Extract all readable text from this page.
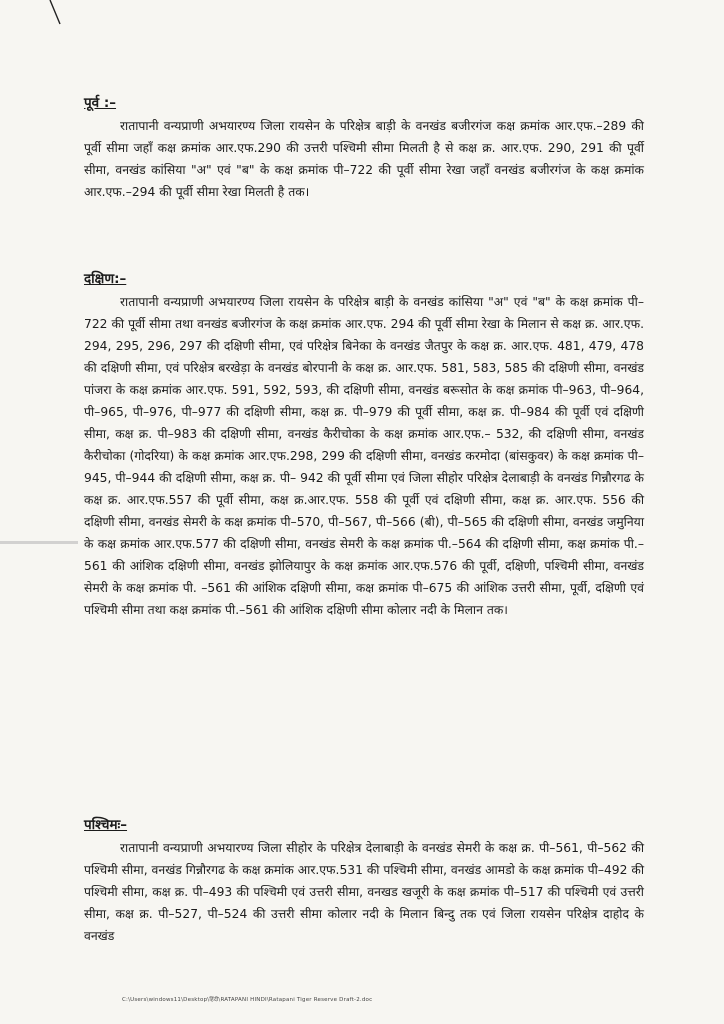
पूर्व :–

रातापानी वन्यप्राणी अभयारण्य जिला रायसेन के परिक्षेत्र बाड़ी के वनखंड बजीरगंज कक्ष क्रमांक आर.एफ.–289 की पूर्वी सीमा जहाँ कक्ष क्रमांक आर.एफ.290 की उत्तरी पश्चिमी सीमा मिलती है से कक्ष क्र. आर.एफ. 290, 291 की पूर्वी सीमा, वनखंड कांसिया "अ" एवं "ब" के कक्ष क्रमांक पी–722 की पूर्वी सीमा रेखा जहाँ वनखंड बजीरगंज के कक्ष क्रमांक आर.एफ.–294 की पूर्वी सीमा रेखा मिलती है तक।

दक्षिण:–

रातापानी वन्यप्राणी अभयारण्य जिला रायसेन के परिक्षेत्र बाड़ी के वनखंड कांसिया "अ" एवं "ब" के कक्ष क्रमांक पी–722 की पूर्वी सीमा तथा वनखंड बजीरगंज के कक्ष क्रमांक आर.एफ. 294 की पूर्वी सीमा रेखा के मिलान से कक्ष क्र. आर.एफ. 294, 295, 296, 297 की दक्षिणी सीमा, एवं परिक्षेत्र बिनेका के वनखंड जैतपुर के कक्ष क्र. आर.एफ. 481, 479, 478 की दक्षिणी सीमा, एवं परिक्षेत्र बरखेड़ा के वनखंड बोरपानी के कक्ष क्र. आर.एफ. 581, 583, 585 की दक्षिणी सीमा, वनखंड पांजरा के कक्ष क्रमांक आर.एफ. 591, 592, 593, की दक्षिणी सीमा, वनखंड बरूसोत के कक्ष क्रमांक पी–963, पी–964, पी–965, पी–976, पी–977 की दक्षिणी सीमा, कक्ष क्र. पी–979 की पूर्वी सीमा, कक्ष क्र. पी–984 की पूर्वी एवं दक्षिणी सीमा, कक्ष क्र. पी–983 की दक्षिणी सीमा, वनखंड कैरीचोका के कक्ष क्रमांक आर.एफ.– 532, की दक्षिणी सीमा, वनखंड कैरीचोका (गोदरिया) के कक्ष क्रमांक आर.एफ.298, 299 की दक्षिणी सीमा, वनखंड करमोदा (बांसकुवर) के कक्ष क्रमांक पी–945, पी–944 की दक्षिणी सीमा, कक्ष क्र. पी– 942 की पूर्वी सीमा एवं जिला सीहोर परिक्षेत्र देलाबाड़ी के वनखंड गिन्नौरगढ के कक्ष क्र. आर.एफ.557 की पूर्वी सीमा, कक्ष क्र.आर.एफ. 558 की पूर्वी एवं दक्षिणी सीमा, कक्ष क्र. आर.एफ. 556 की दक्षिणी सीमा, वनखंड सेमरी के कक्ष क्रमांक पी–570, पी–567, पी–566 (बी), पी–565 की दक्षिणी सीमा, वनखंड जमुनिया के कक्ष क्रमांक आर.एफ.577 की दक्षिणी सीमा, वनखंड सेमरी के कक्ष क्रमांक पी.–564 की दक्षिणी सीमा, कक्ष क्रमांक पी.–561 की आंशिक दक्षिणी सीमा, वनखंड झोलियापुर के कक्ष क्रमांक आर.एफ.576 की पूर्वी, दक्षिणी, पश्चिमी सीमा, वनखंड सेमरी के कक्ष क्रमांक पी. –561 की आंशिक दक्षिणी सीमा, कक्ष क्रमांक पी–675 की आंशिक उत्तरी सीमा, पूर्वी, दक्षिणी एवं पश्चिमी सीमा तथा कक्ष क्रमांक पी.–561 की आंशिक दक्षिणी सीमा कोलार नदी के मिलान तक।

पश्चिमः–

रातापानी वन्यप्राणी अभयारण्य जिला सीहोर के परिक्षेत्र देलाबाड़ी के वनखंड सेमरी के कक्ष क्र. पी–561, पी–562 की पश्चिमी सीमा, वनखंड गिन्नौरगढ के कक्ष क्रमांक आर.एफ.531 की पश्चिमी सीमा, वनखंड आमडो के कक्ष क्रमांक पी–492 की पश्चिमी सीमा, कक्ष क्र. पी–493 की पश्चिमी एवं उत्तरी सीमा, वनखड खजूरी के कक्ष क्रमांक पी–517 की पश्चिमी एवं उत्तरी सीमा, कक्ष क्र. पी–527, पी–524 की उत्तरी सीमा कोलार नदी के मिलान बिन्दु तक एवं जिला रायसेन परिक्षेत्र दाहोद के वनखंड

C:\Users\windows11\Desktop\हिंदी\RATAPANI HINDI\Ratapani Tiger Reserve Draft-2.doc
